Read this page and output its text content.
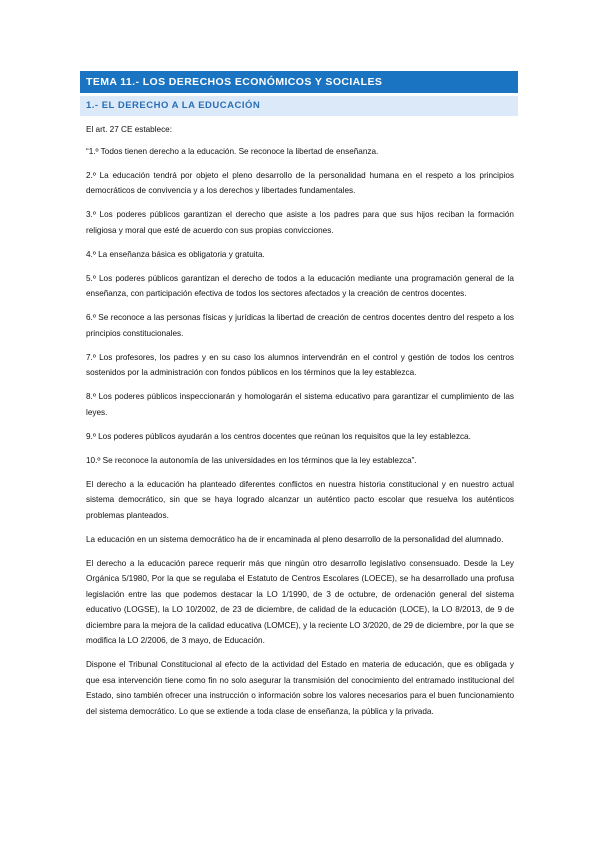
TEMA 11.- LOS DERECHOS ECONÓMICOS Y SOCIALES
1.- EL DERECHO A LA EDUCACIÓN

El art. 27 CE establece:

“1.º Todos tienen derecho a la educación. Se reconoce la libertad de enseñanza.

2.º La educación tendrá por objeto el pleno desarrollo de la personalidad humana en el respeto a los principios democráticos de convivencia y a los derechos y libertades fundamentales.

3.º Los poderes públicos garantizan el derecho que asiste a los padres para que sus hijos reciban la formación religiosa y moral que esté de acuerdo con sus propias convicciones.

4.º La enseñanza básica es obligatoria y gratuita.

5.º Los poderes públicos garantizan el derecho de todos a la educación mediante una programación general de la enseñanza, con participación efectiva de todos los sectores afectados y la creación de centros docentes.

6.º Se reconoce a las personas físicas y jurídicas la libertad de creación de centros docentes dentro del respeto a los principios constitucionales.

7.º Los profesores, los padres y en su caso los alumnos intervendrán en el control y gestión de todos los centros sostenidos por la administración con fondos públicos en los términos que la ley establezca.

8.º Los poderes públicos inspeccionarán y homologarán el sistema educativo para garantizar el cumplimiento de las leyes.

9.º Los poderes públicos ayudarán a los centros docentes que reúnan los requisitos que la ley establezca.

10.º Se reconoce la autonomía de las universidades en los términos que la ley establezca”.

El derecho a la educación ha planteado diferentes conflictos en nuestra historia constitucional y en nuestro actual sistema democrático, sin que se haya logrado alcanzar un auténtico pacto escolar que resuelva los auténticos problemas planteados.

La educación en un sistema democrático ha de ir encaminada al pleno desarrollo de la personalidad del alumnado.

El derecho a la educación parece requerir más que ningún otro desarrollo legislativo consensuado. Desde la Ley Orgánica 5/1980, Por la que se regulaba el Estatuto de Centros Escolares (LOECE), se ha desarrollado una profusa legislación entre las que podemos destacar la LO 1/1990, de 3 de octubre, de ordenación general del sistema educativo (LOGSE), la LO 10/2002, de 23 de diciembre, de calidad de la educación (LOCE), la LO 8/2013, de 9 de diciembre para la mejora de la calidad educativa (LOMCE), y la reciente LO 3/2020, de 29 de diciembre, por la que se modifica la LO 2/2006, de 3 mayo, de Educación.

Dispone el Tribunal Constitucional al efecto de la actividad del Estado en materia de educación, que es obligada y que esa intervención tiene como fin no solo asegurar la transmisión del conocimiento del entramado institucional del Estado, sino también ofrecer una instrucción o información sobre los valores necesarios para el buen funcionamiento del sistema democrático. Lo que se extiende a toda clase de enseñanza, la pública y la privada.
